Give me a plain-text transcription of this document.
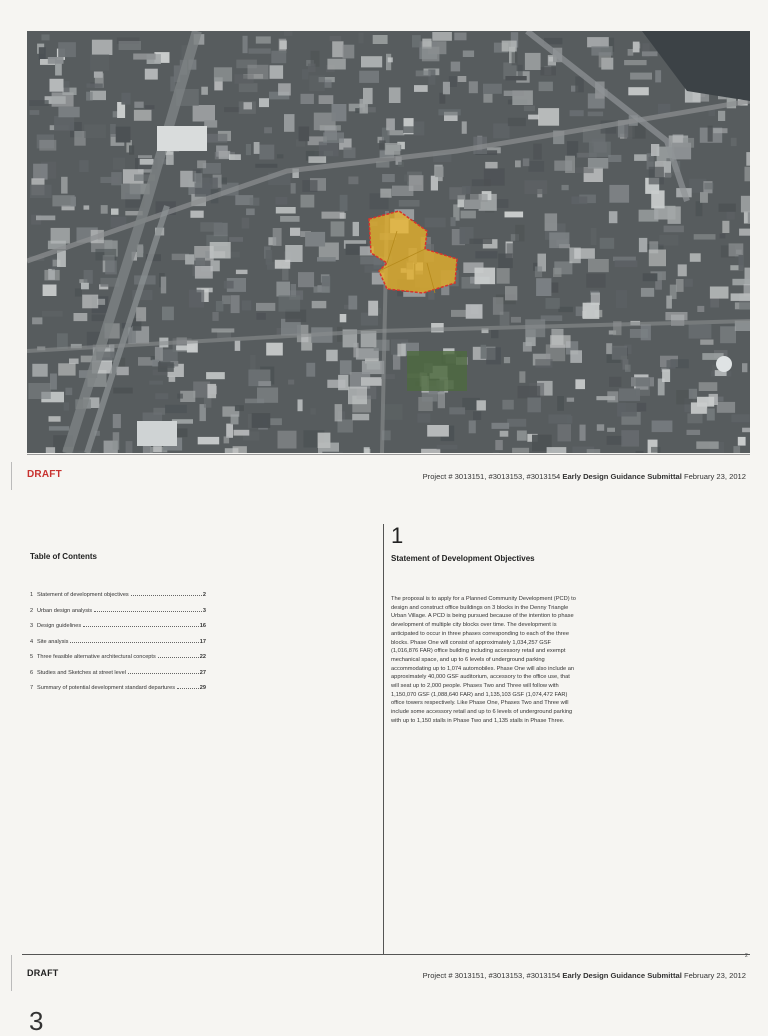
DRAFT	Project # 3013151, #3013153, #3013154 Early Design Guidance Submittal February 23, 2012
Table of Contents
1 Statement of development objectives	2
2 Urban design analysis	3
3 Design guidelines	16
4 Site analysis	17
5 Three feasible alternative architectural concepts	22
6 Studies and Sketches at street level	27
7 Summary of potential development standard departures	29
1
Statement of Development Objectives

The proposal is to apply for a Planned Community Development (PCD) to design and construct office buildings on 3 blocks in the Denny Triangle Urban Village. A PCD is being pursued because of the intention to phase development of multiple city blocks over time. The development is anticipated to occur in three phases corresponding to each of the three blocks. Phase One will consist of approximately 1,034,257 GSF (1,016,876 FAR) office building including accessory retail and exempt mechanical space, and up to 6 levels of underground parking accommodating up to 1,074 automobiles. Phase One will also include an approximately 40,000 GSF auditorium, accessory to the office use, that will seat up to 2,000 people. Phases Two and Three will follow with 1,150,070 GSF (1,088,640 FAR) and 1,135,103 GSF (1,074,472 FAR) office towers respectively. Like Phase One, Phases Two and Three will include some accessory retail and up to 6 levels of underground parking with up to 1,150 stalls in Phase Two and 1,135 stalls in Phase Three.

2
DRAFT	Project # 3013151, #3013153, #3013154 Early Design Guidance Submittal February 23, 2012
3
